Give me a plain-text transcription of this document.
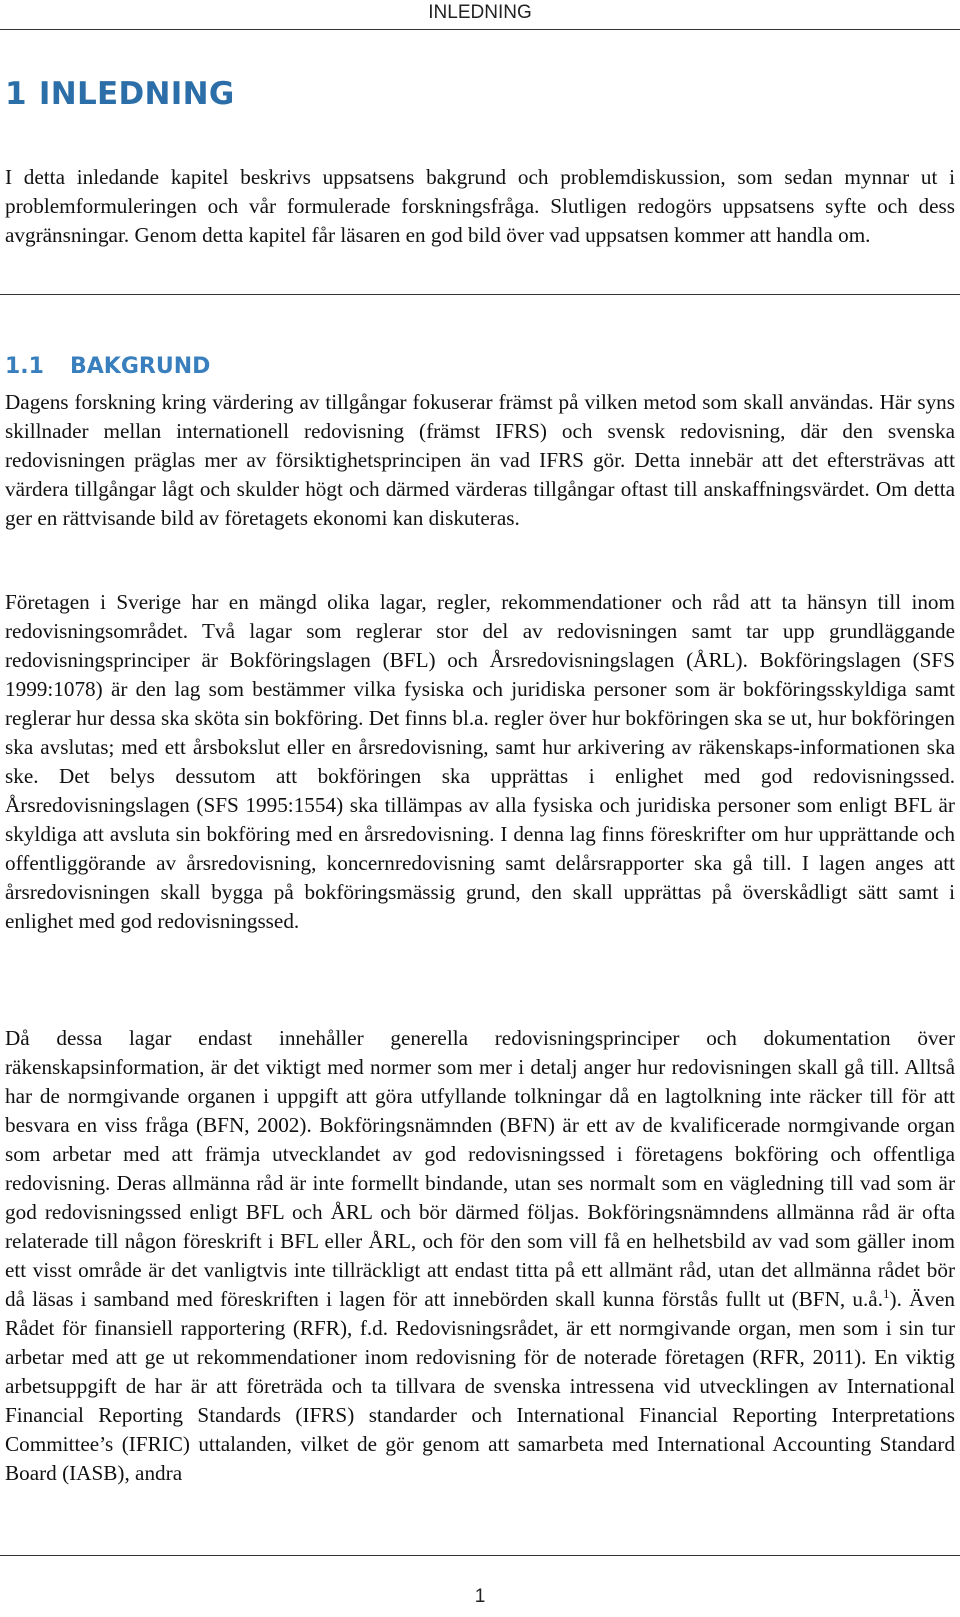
INLEDNING
1 INLEDNING

I detta inledande kapitel beskrivs uppsatsens bakgrund och problemdiskussion, som sedan mynnar ut i problemformuleringen och vår formulerade forskningsfråga. Slutligen redogörs uppsatsens syfte och dess avgränsningar. Genom detta kapitel får läsaren en god bild över vad uppsatsen kommer att handla om.

1.1 BAKGRUND

Dagens forskning kring värdering av tillgångar fokuserar främst på vilken metod som skall användas. Här syns skillnader mellan internationell redovisning (främst IFRS) och svensk redovisning, där den svenska redovisningen präglas mer av försiktighetsprincipen än vad IFRS gör. Detta innebär att det eftersträvas att värdera tillgångar lågt och skulder högt och därmed värderas tillgångar oftast till anskaffningsvärdet. Om detta ger en rättvisande bild av företagets ekonomi kan diskuteras.

Företagen i Sverige har en mängd olika lagar, regler, rekommendationer och råd att ta hänsyn till inom redovisningsområdet. Två lagar som reglerar stor del av redovisningen samt tar upp grundläggande redovisningsprinciper är Bokföringslagen (BFL) och Årsredovisningslagen (ÅRL). Bokföringslagen (SFS 1999:1078) är den lag som bestämmer vilka fysiska och juridiska personer som är bokföringsskyldiga samt reglerar hur dessa ska sköta sin bokföring. Det finns bl.a. regler över hur bokföringen ska se ut, hur bokföringen ska avslutas; med ett årsbokslut eller en årsredovisning, samt hur arkivering av räkenskaps-informationen ska ske. Det belys dessutom att bokföringen ska upprättas i enlighet med god redovisningssed. Årsredovisningslagen (SFS 1995:1554) ska tillämpas av alla fysiska och juridiska personer som enligt BFL är skyldiga att avsluta sin bokföring med en årsredovisning. I denna lag finns föreskrifter om hur upprättande och offentliggörande av årsredovisning, koncernredovisning samt delårsrapporter ska gå till. I lagen anges att årsredovisningen skall bygga på bokföringsmässig grund, den skall upprättas på överskådligt sätt samt i enlighet med god redovisningssed.

Då dessa lagar endast innehåller generella redovisningsprinciper och dokumentation över räkenskapsinformation, är det viktigt med normer som mer i detalj anger hur redovisningen skall gå till. Alltså har de normgivande organen i uppgift att göra utfyllande tolkningar då en lagtolkning inte räcker till för att besvara en viss fråga (BFN, 2002). Bokföringsnämnden (BFN) är ett av de kvalificerade normgivande organ som arbetar med att främja utvecklandet av god redovisningssed i företagens bokföring och offentliga redovisning. Deras allmänna råd är inte formellt bindande, utan ses normalt som en vägledning till vad som är god redovisningssed enligt BFL och ÅRL och bör därmed följas. Bokföringsnämndens allmänna råd är ofta relaterade till någon föreskrift i BFL eller ÅRL, och för den som vill få en helhetsbild av vad som gäller inom ett visst område är det vanligtvis inte tillräckligt att endast titta på ett allmänt råd, utan det allmänna rådet bör då läsas i samband med föreskriften i lagen för att innebörden skall kunna förstås fullt ut (BFN, u.å.$^1$). Även Rådet för finansiell rapportering (RFR), f.d. Redovisningsrådet, är ett normgivande organ, men som i sin tur arbetar med att ge ut rekommendationer inom redovisning för de noterade företagen (RFR, 2011). En viktig arbetsuppgift de har är att företräda och ta tillvara de svenska intressena vid utvecklingen av International Financial Reporting Standards (IFRS) standarder och International Financial Reporting Interpretations Committee’s (IFRIC) uttalanden, vilket de gör genom att samarbeta med International Accounting Standard Board (IASB), andra

1
